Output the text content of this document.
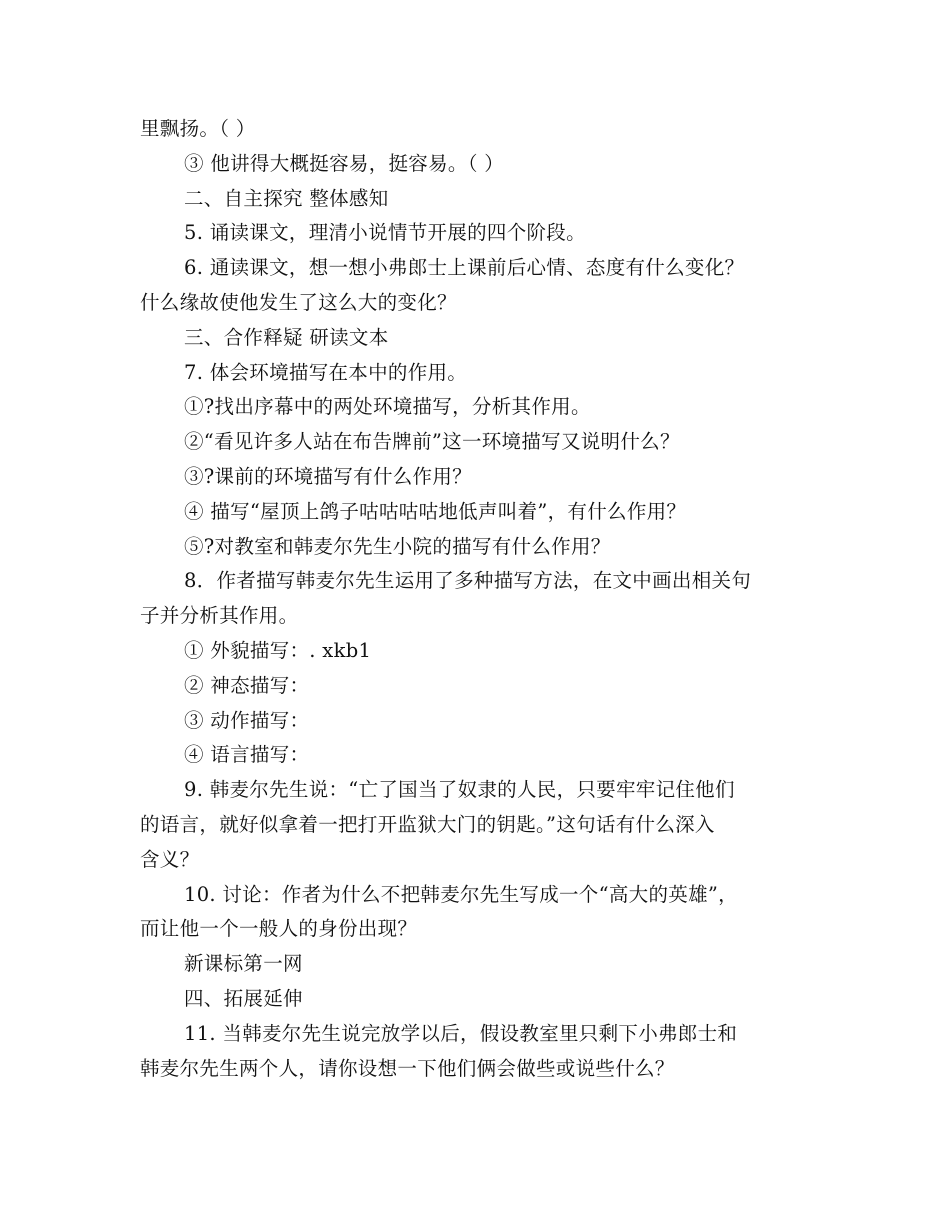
里飘扬。（ ）
③ 他讲得大概挺容易，挺容易。（ ）
二、自主探究 整体感知
5. 诵读课文，理清小说情节开展的四个阶段。
6. 通读课文，想一想小弗郎士上课前后心情、态度有什么变化？
什么缘故使他发生了这么大的变化？
三、合作释疑 研读文本
7. 体会环境描写在本中的作用。
①?找出序幕中的两处环境描写，分析其作用。
②“看见许多人站在布告牌前”这一环境描写又说明什么？
③?课前的环境描写有什么作用？
④ 描写“屋顶上鸽子咕咕咕咕地低声叫着”，有什么作用？
⑤?对教室和韩麦尔先生小院的描写有什么作用？
8．作者描写韩麦尔先生运用了多种描写方法，在文中画出相关句
子并分析其作用。
① 外貌描写：. xkb1
② 神态描写：
③ 动作描写：
④ 语言描写：
9. 韩麦尔先生说：“亡了国当了奴隶的人民，只要牢牢记住他们
的语言，就好似拿着一把打开监狱大门的钥匙。”这句话有什么深入
含义？
10. 讨论：作者为什么不把韩麦尔先生写成一个“高大的英雄”，
而让他一个一般人的身份出现？
新课标第一网
四、拓展延伸
11. 当韩麦尔先生说完放学以后，假设教室里只剩下小弗郎士和
韩麦尔先生两个人，请你设想一下他们俩会做些或说些什么？
